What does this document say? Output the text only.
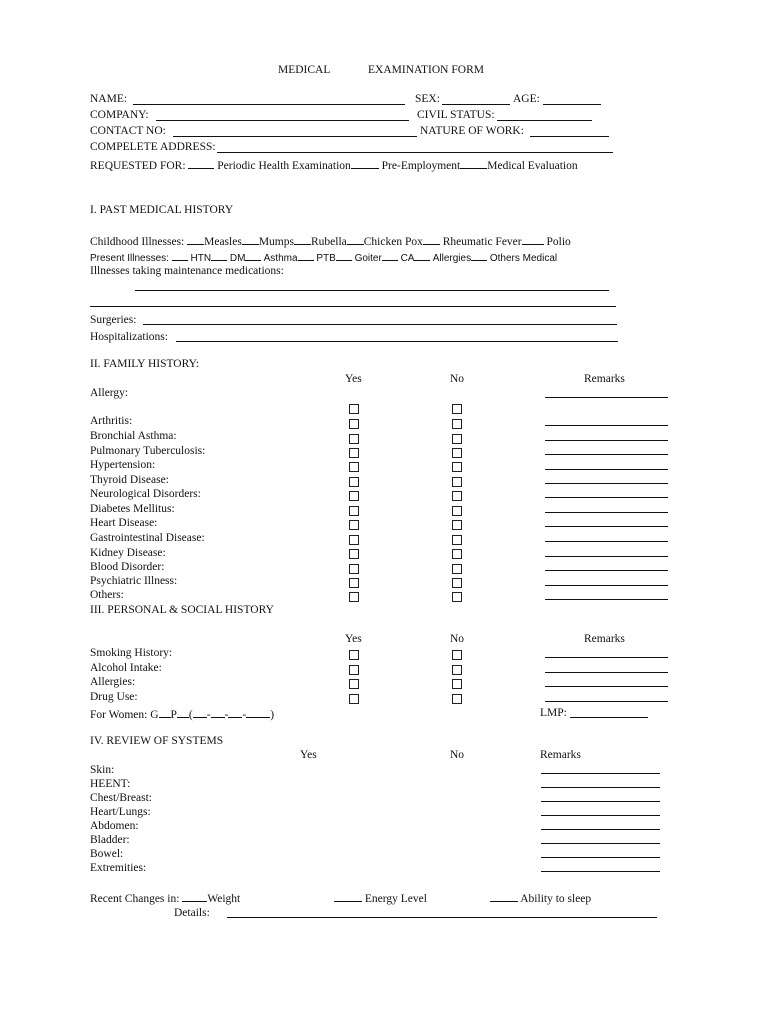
MEDICAL	EXAMINATION FORM
NAME:	SEX:	AGE:
COMPANY:	CIVIL STATUS:
CONTACT NO:	NATURE OF WORK:
COMPELETE ADDRESS:
REQUESTED FOR:	Periodic Health Examination	Pre-Employment Medical Evaluation
I. PAST MEDICAL HISTORY
Childhood Illnesses: Measles Mumps Rubella Chicken Pox Rheumatic Fever Polio
Present Illnesses: HTN DM Asthma PTB Goiter CA Allergies Others Medical
Illnesses taking maintenance medications:
Surgeries:
Hospitalizations:
II. FAMILY HISTORY:
Yes	No	Remarks
Allergy:
Arthritis:
Bronchial Asthma:
Pulmonary Tuberculosis:
Hypertension:
Thyroid Disease:
Neurological Disorders:
Diabetes Mellitus:
Heart Disease:
Gastrointestinal Disease:
Kidney Disease:
Blood Disorder:
Psychiatric Illness:
Others:
III. PERSONAL & SOCIAL HISTORY
Yes	No	Remarks
Smoking History:
Alcohol Intake:
Allergies:
Drug Use:
For Women: G P ( - - - )	LMP:
IV. REVIEW OF SYSTEMS
Yes	No	Remarks
Skin:
HEENT:
Chest/Breast:
Heart/Lungs:
Abdomen:
Bladder:
Bowel:
Extremities:
Recent Changes in: Weight	Energy Level	Ability to sleep
Details:
